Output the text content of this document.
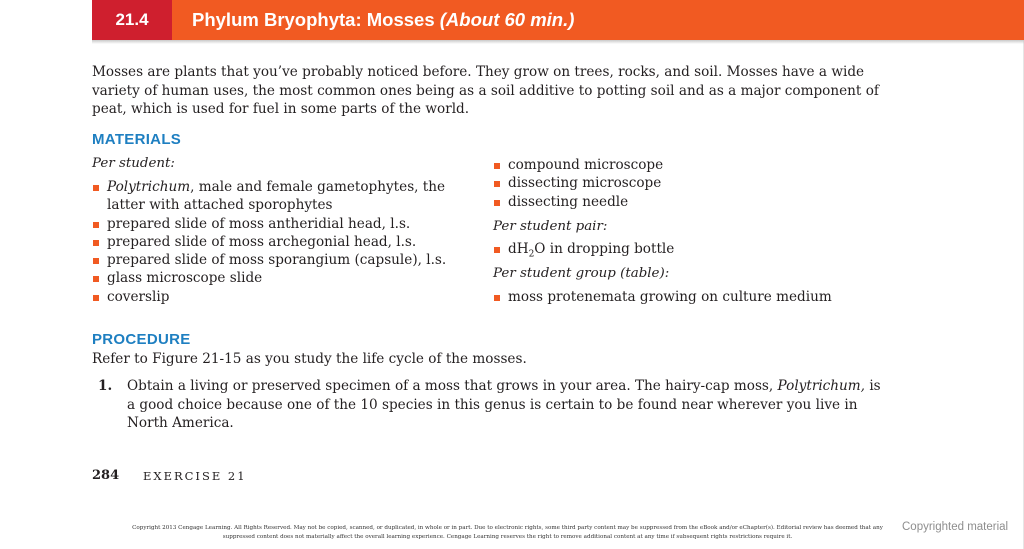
21.4	Phylum Bryophyta: Mosses (About 60 min.)
Mosses are plants that you’ve probably noticed before. They grow on trees, rocks, and soil. Mosses have a wide variety of human uses, the most common ones being as a soil additive to potting soil and as a major component of peat, which is used for fuel in some parts of the world.
MATERIALS
Per student:
Polytrichum, male and female gametophytes, the
latter with attached sporophytes
prepared slide of moss antheridial head, l.s.
prepared slide of moss archegonial head, l.s.
prepared slide of moss sporangium (capsule), l.s.
glass microscope slide
coverslip
compound microscope
dissecting microscope
dissecting needle
Per student pair:
$dH_2O$ in dropping bottle
Per student group (table):
moss protenemata growing on culture medium
PROCEDURE
Refer to Figure 21-15 as you study the life cycle of the mosses.
1. Obtain a living or preserved specimen of a moss that grows in your area. The hairy-cap moss, Polytrichum, is a good choice because one of the 10 species in this genus is certain to be found near wherever you live in North America.
284 EXERCISE 21
Copyright 2013 Cengage Learning. All Rights Reserved. May not be copied, scanned, or duplicated, in whole or in part. Due to electronic rights, some third party content may be suppressed from the eBook and/or eChapter(s). Editorial review has deemed that any suppressed content does not materially affect the overall learning experience. Cengage Learning reserves the right to remove additional content at any time if subsequent rights restrictions require it.
Copyrighted material
